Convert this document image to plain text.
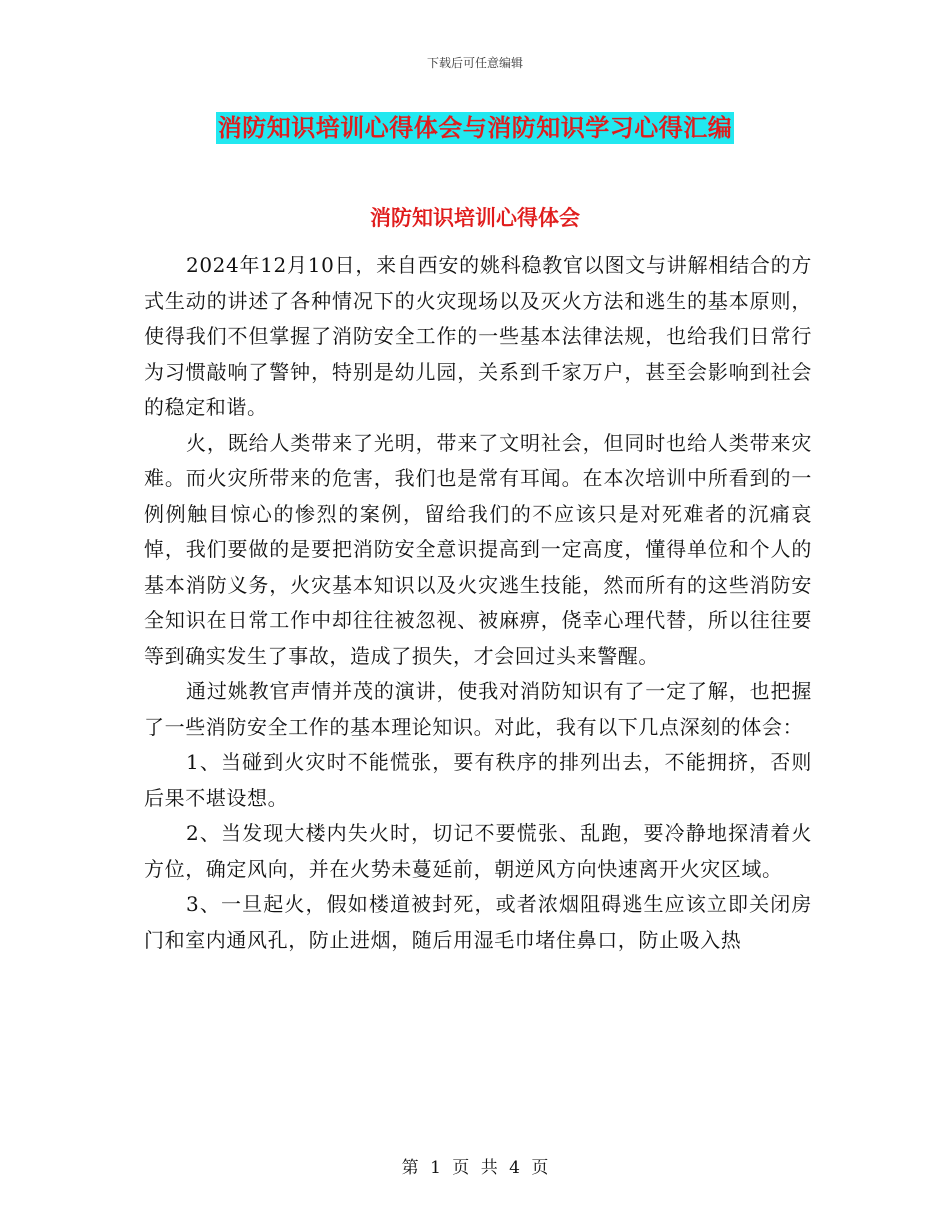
下载后可任意编辑
消防知识培训心得体会与消防知识学习心得汇编
消防知识培训心得体会

2024年12月10日，来自西安的姚科稳教官以图文与讲解相结合的方式生动的讲述了各种情况下的火灾现场以及灭火方法和逃生的基本原则，使得我们不但掌握了消防安全工作的一些基本法律法规，也给我们日常行为习惯敲响了警钟，特别是幼儿园，关系到千家万户，甚至会影响到社会的稳定和谐。

火，既给人类带来了光明，带来了文明社会，但同时也给人类带来灾难。而火灾所带来的危害，我们也是常有耳闻。在本次培训中所看到的一例例触目惊心的惨烈的案例，留给我们的不应该只是对死难者的沉痛哀悼，我们要做的是要把消防安全意识提高到一定高度，懂得单位和个人的基本消防义务，火灾基本知识以及火灾逃生技能，然而所有的这些消防安全知识在日常工作中却往往被忽视、被麻痹，侥幸心理代替，所以往往要等到确实发生了事故，造成了损失，才会回过头来警醒。

通过姚教官声情并茂的演讲，使我对消防知识有了一定了解，也把握了一些消防安全工作的基本理论知识。对此，我有以下几点深刻的体会：

1、当碰到火灾时不能慌张，要有秩序的排列出去，不能拥挤，否则后果不堪设想。

2、当发现大楼内失火时，切记不要慌张、乱跑，要冷静地探清着火方位，确定风向，并在火势未蔓延前，朝逆风方向快速离开火灾区域。

3、一旦起火，假如楼道被封死，或者浓烟阻碍逃生应该立即关闭房门和室内通风孔，防止进烟，随后用湿毛巾堵住鼻口，防止吸入热

第 1 页 共 4 页
